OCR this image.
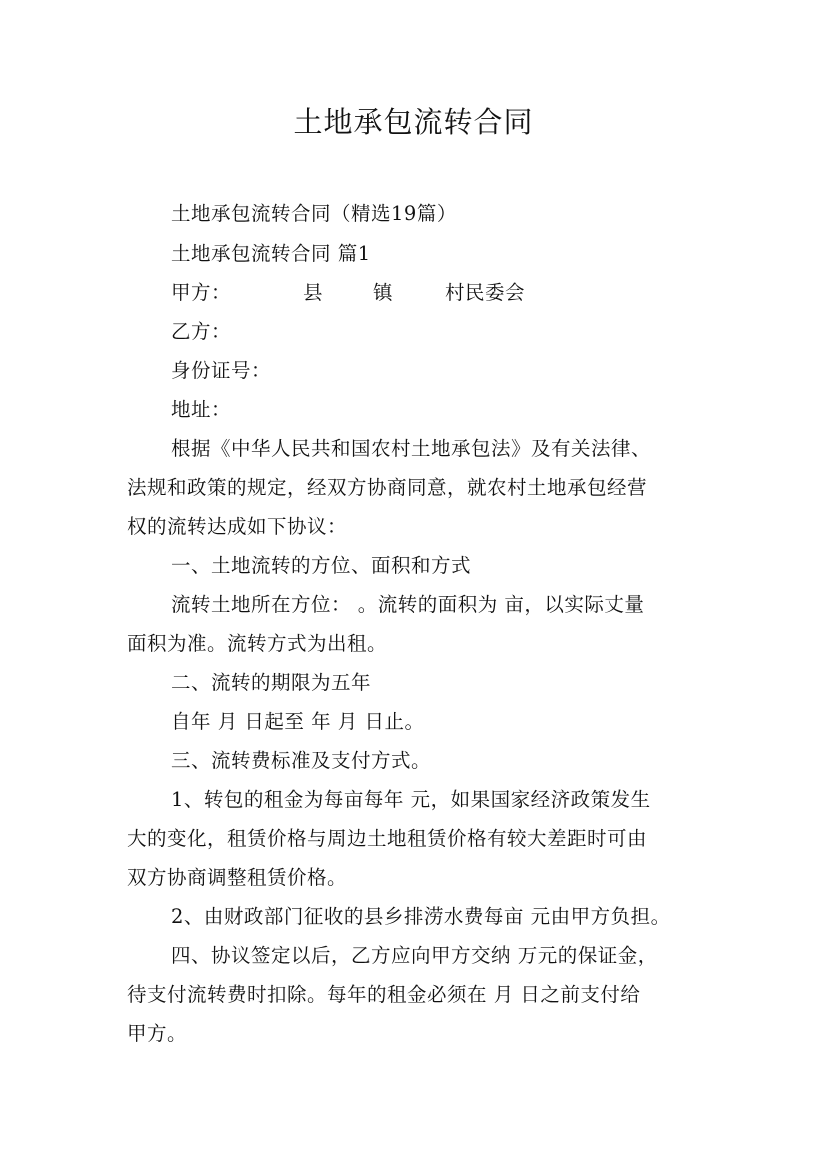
土地承包流转合同
土地承包流转合同（精选19篇）
土地承包流转合同 篇1
甲方：	县	镇	村民委会
乙方：
身份证号：
地址：
根据《中华人民共和国农村土地承包法》及有关法律、
法规和政策的规定，经双方协商同意，就农村土地承包经营
权的流转达成如下协议：
一、土地流转的方位、面积和方式
流转土地所在方位： 。流转的面积为 亩，以实际丈量
面积为准。流转方式为出租。
二、流转的期限为五年
自年 月 日起至 年 月 日止。
三、流转费标准及支付方式。
1、转包的租金为每亩每年 元，如果国家经济政策发生
大的变化，租赁价格与周边土地租赁价格有较大差距时可由
双方协商调整租赁价格。
2、由财政部门征收的县乡排涝水费每亩 元由甲方负担。
四、协议签定以后，乙方应向甲方交纳 万元的保证金，
待支付流转费时扣除。每年的租金必须在 月 日之前支付给
甲方。
